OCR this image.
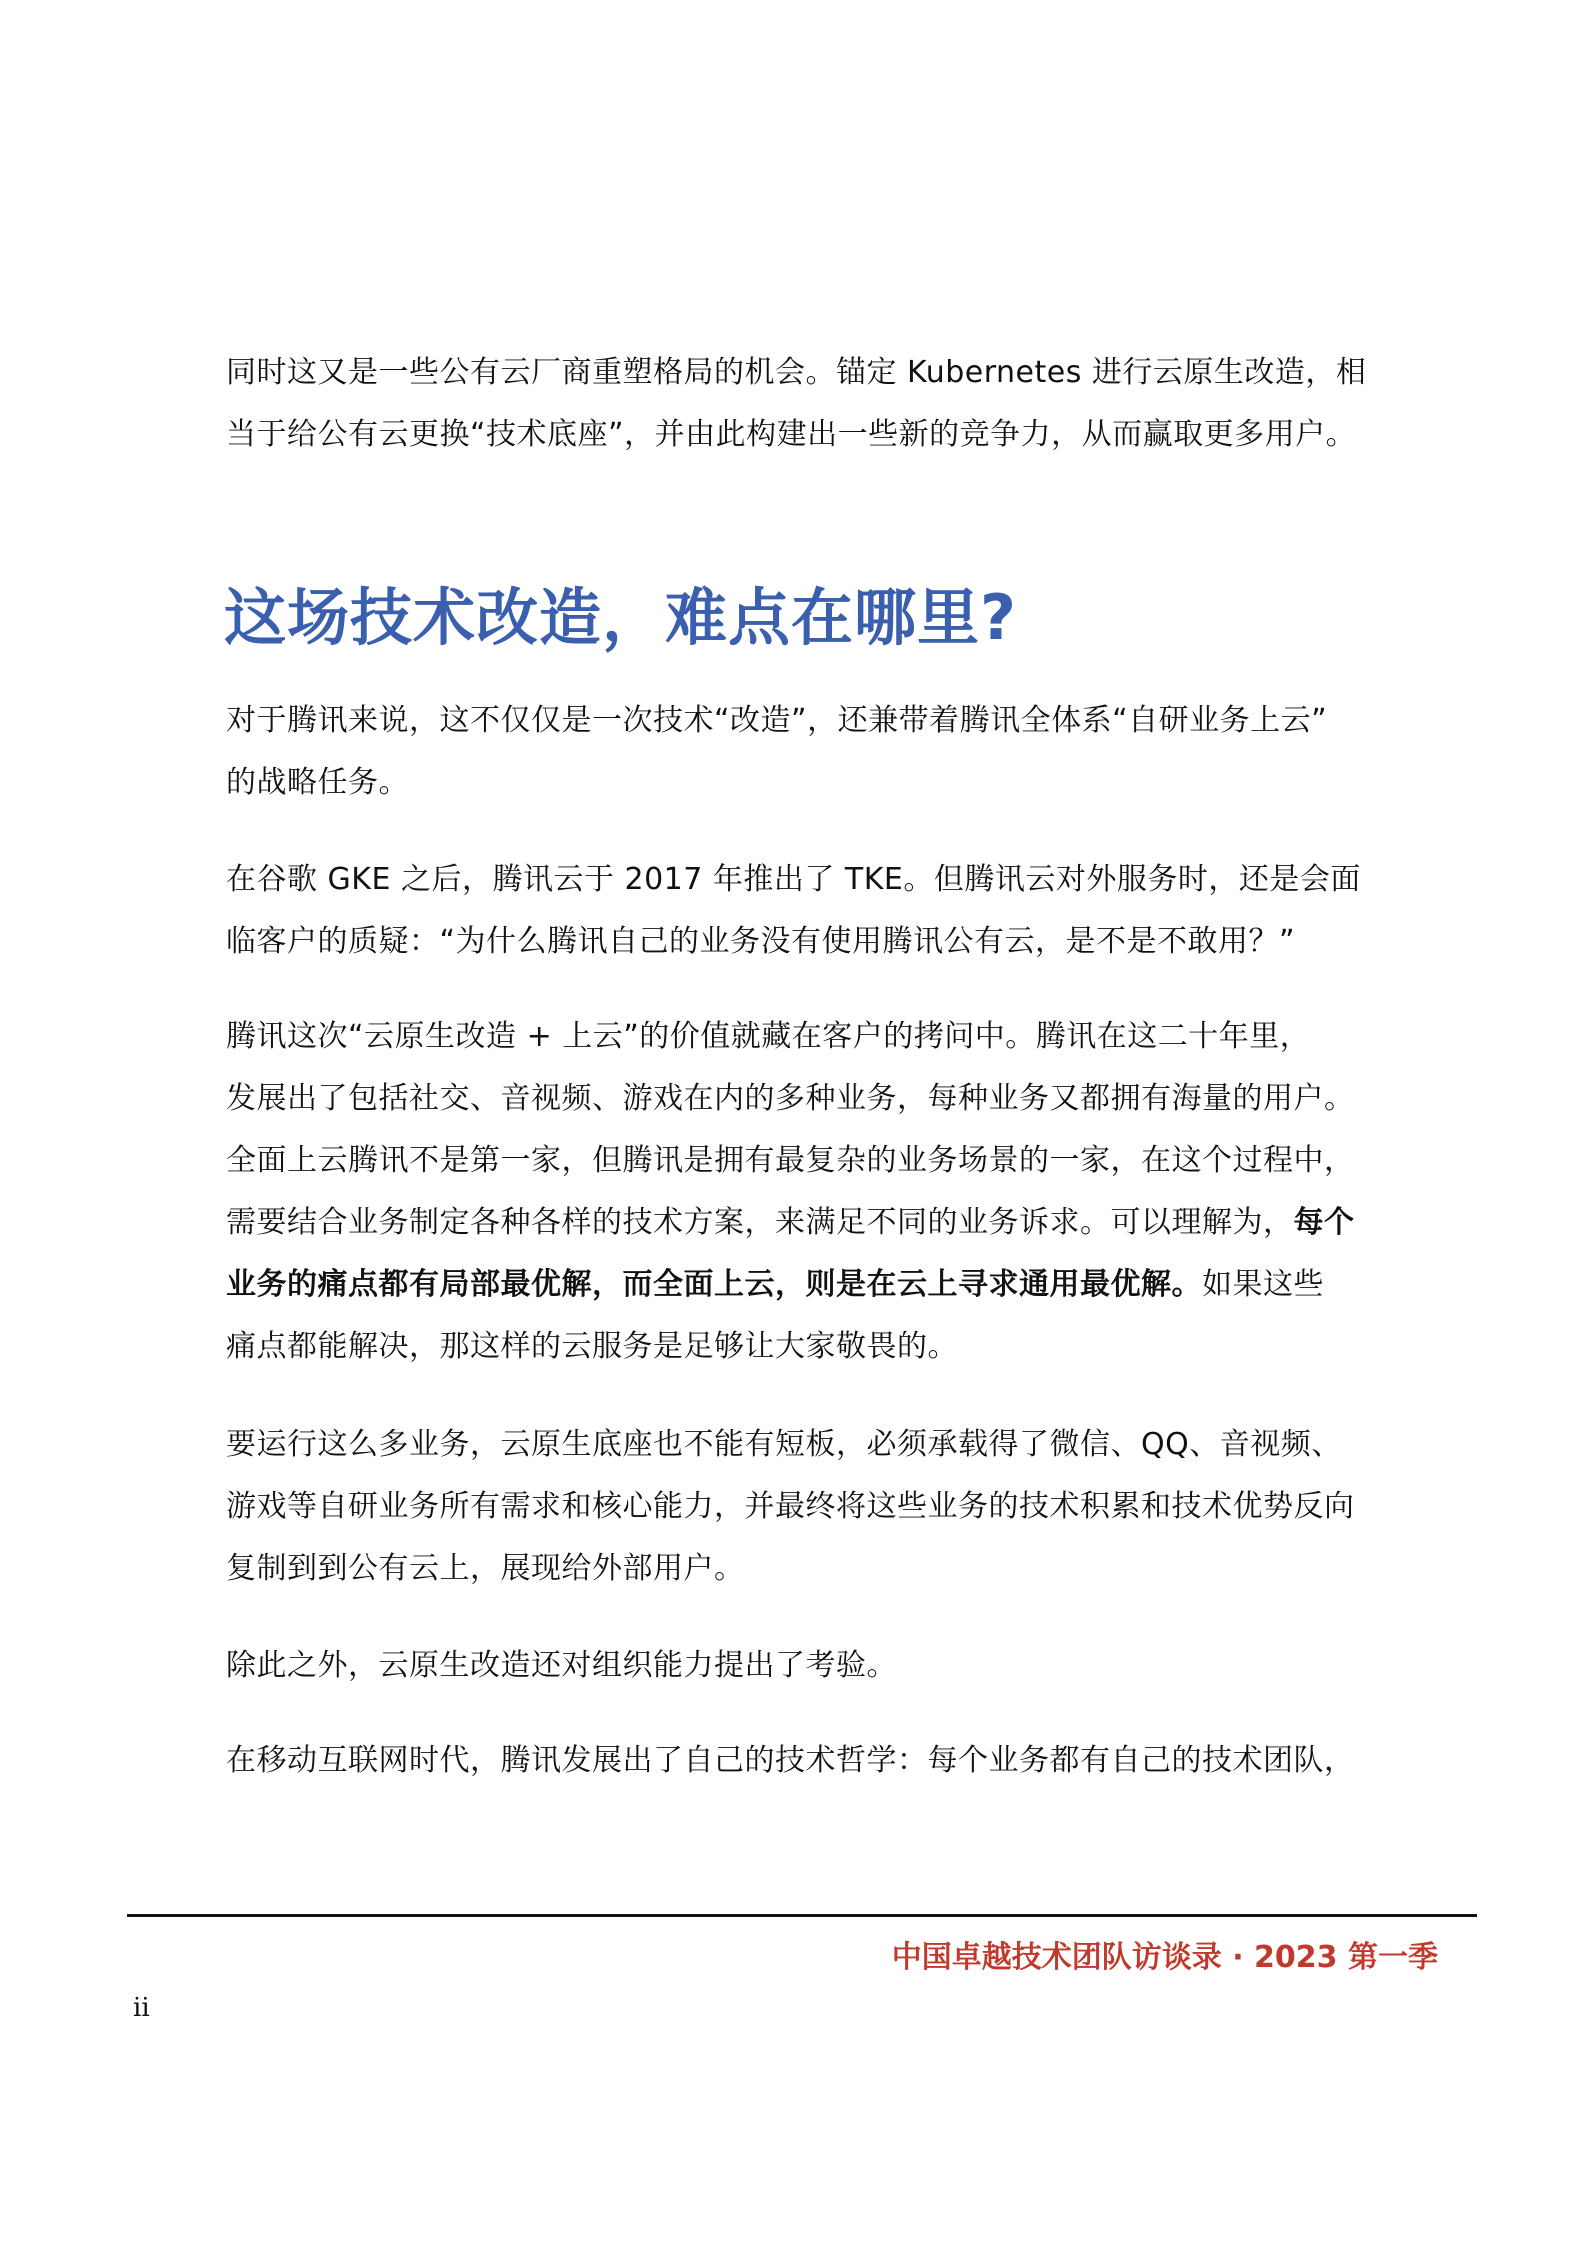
同时这又是一些公有云厂商重塑格局的机会。锚定 Kubernetes 进行云原生改造，相
当于给公有云更换“技术底座”，并由此构建出一些新的竞争力，从而赢取更多用户。
这场技术改造，难点在哪里?
对于腾讯来说，这不仅仅是一次技术“改造”，还兼带着腾讯全体系“自研业务上云”
的战略任务。
在谷歌 GKE 之后，腾讯云于 2017 年推出了 TKE。但腾讯云对外服务时，还是会面
临客户的质疑：“为什么腾讯自己的业务没有使用腾讯公有云，是不是不敢用？”
腾讯这次“云原生改造 + 上云”的价值就藏在客户的拷问中。腾讯在这二十年里，
发展出了包括社交、音视频、游戏在内的多种业务，每种业务又都拥有海量的用户。
全面上云腾讯不是第一家，但腾讯是拥有最复杂的业务场景的一家，在这个过程中，
需要结合业务制定各种各样的技术方案，来满足不同的业务诉求。可以理解为，每个
业务的痛点都有局部最优解，而全面上云，则是在云上寻求通用最优解。如果这些
痛点都能解决，那这样的云服务是足够让大家敬畏的。
要运行这么多业务，云原生底座也不能有短板，必须承载得了微信、QQ、音视频、
游戏等自研业务所有需求和核心能力，并最终将这些业务的技术积累和技术优势反向
复制到到公有云上，展现给外部用户。
除此之外，云原生改造还对组织能力提出了考验。
在移动互联网时代，腾讯发展出了自己的技术哲学：每个业务都有自己的技术团队，
中国卓越技术团队访谈录 · 2023 第一季
ii
